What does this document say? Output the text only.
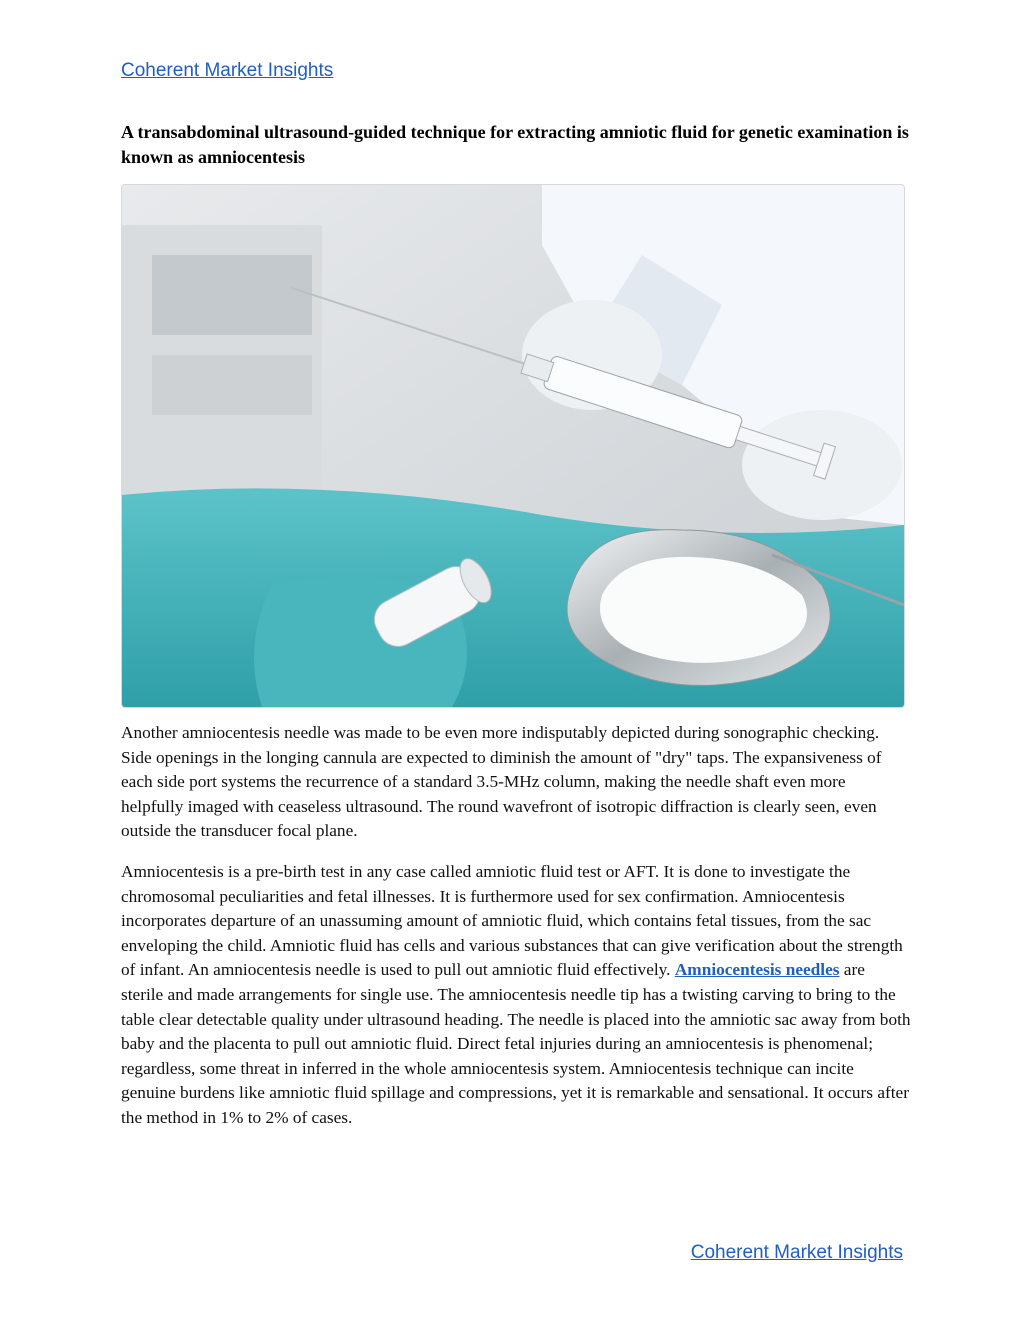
Coherent Market Insights
A transabdominal ultrasound-guided technique for extracting amniotic fluid for genetic examination is known as amniocentesis

Another amniocentesis needle was made to be even more indisputably depicted during sonographic checking. Side openings in the longing cannula are expected to diminish the amount of "dry" taps. The expansiveness of each side port systems the recurrence of a standard 3.5-MHz column, making the needle shaft even more helpfully imaged with ceaseless ultrasound. The round wavefront of isotropic diffraction is clearly seen, even outside the transducer focal plane.

Amniocentesis is a pre-birth test in any case called amniotic fluid test or AFT. It is done to investigate the chromosomal peculiarities and fetal illnesses. It is furthermore used for sex confirmation. Amniocentesis incorporates departure of an unassuming amount of amniotic fluid, which contains fetal tissues, from the sac enveloping the child. Amniotic fluid has cells and various substances that can give verification about the strength of infant. An amniocentesis needle is used to pull out amniotic fluid effectively. Amniocentesis needles are sterile and made arrangements for single use. The amniocentesis needle tip has a twisting carving to bring to the table clear detectable quality under ultrasound heading. The needle is placed into the amniotic sac away from both baby and the placenta to pull out amniotic fluid. Direct fetal injuries during an amniocentesis is phenomenal; regardless, some threat in inferred in the whole amniocentesis system. Amniocentesis technique can incite genuine burdens like amniotic fluid spillage and compressions, yet it is remarkable and sensational. It occurs after the method in 1% to 2% of cases.

Coherent Market Insights
